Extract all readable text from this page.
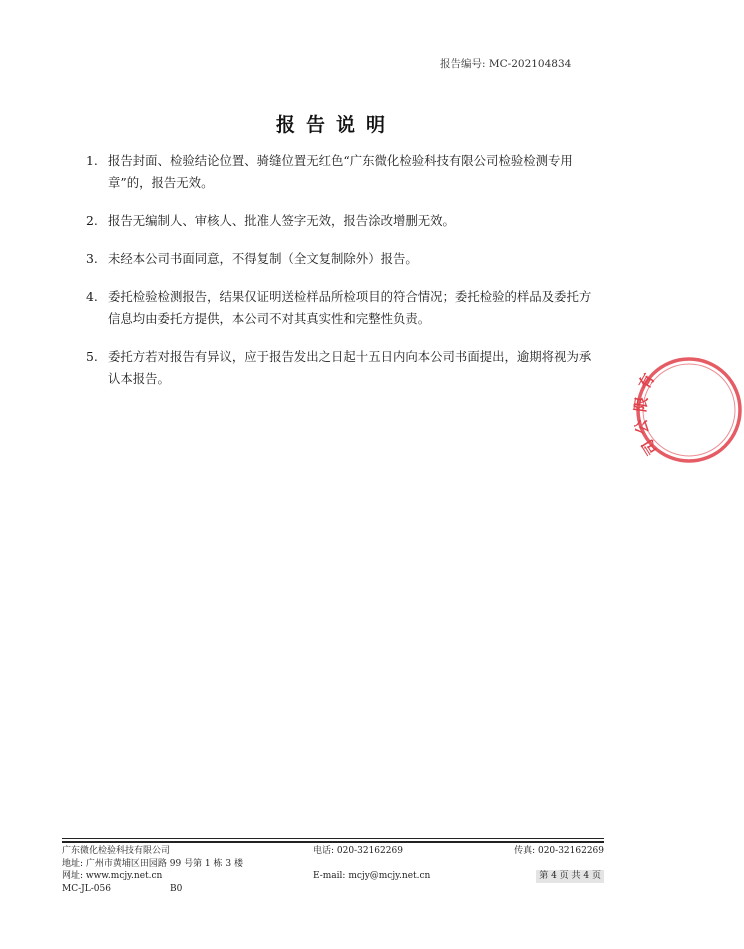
报告编号: MC-202104834
报告说明
1. 报告封面、检验结论位置、骑缝位置无红色“广东微化检验科技有限公司检验检测专用章”的，报告无效。
2. 报告无编制人、审核人、批准人签字无效，报告涂改增删无效。
3. 未经本公司书面同意，不得复制（全文复制除外）报告。
4. 委托检验检测报告，结果仅证明送检样品所检项目的符合情况；委托检验的样品及委托方信息均由委托方提供，本公司不对其真实性和完整性负责。
5. 委托方若对报告有异议，应于报告发出之日起十五日内向本公司书面提出，逾期将视为承认本报告。	有
限
公
司
广东微化检验科技有限公司	电话: 020-32162269	传真: 020-32162269
地址: 广州市黄埔区田园路 99 号第 1 栋 3 楼
网址: www.mcjy.net.cn	E-mail: mcjy@mcjy.net.cn	第 4 页 共 4 页
MC-JL-056	B0
